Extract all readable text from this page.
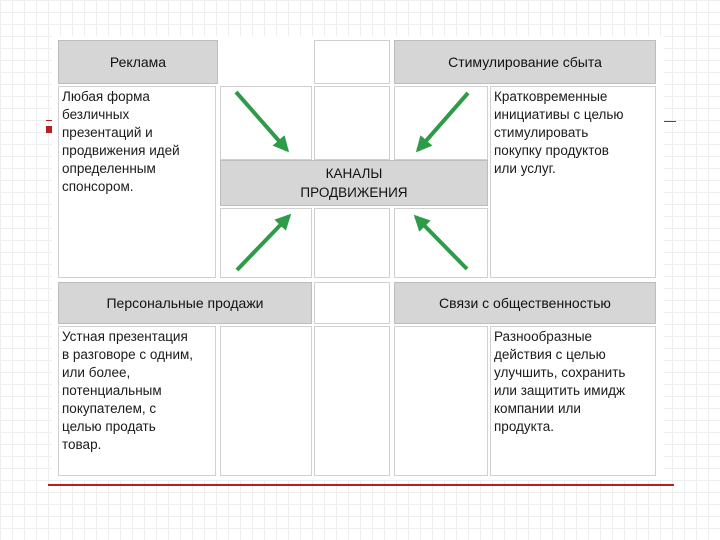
Реклама	Стимулирование сбыта
Любая форма
безличных
презентаций и
продвижения идей
определенным
спонсором.
Кратковременные
инициативы с целью
стимулировать
покупку продуктов
или услуг.
КАНАЛЫ
ПРОДВИЖЕНИЯ
Персональные продажи	Связи с общественностью
Устная презентация
в разговоре с одним,
или более,
потенциальным
покупателем, с
целью продать
товар.
Разнообразные
действия с целью
улучшить, сохранить
или защитить имидж
компании или
продукта.
